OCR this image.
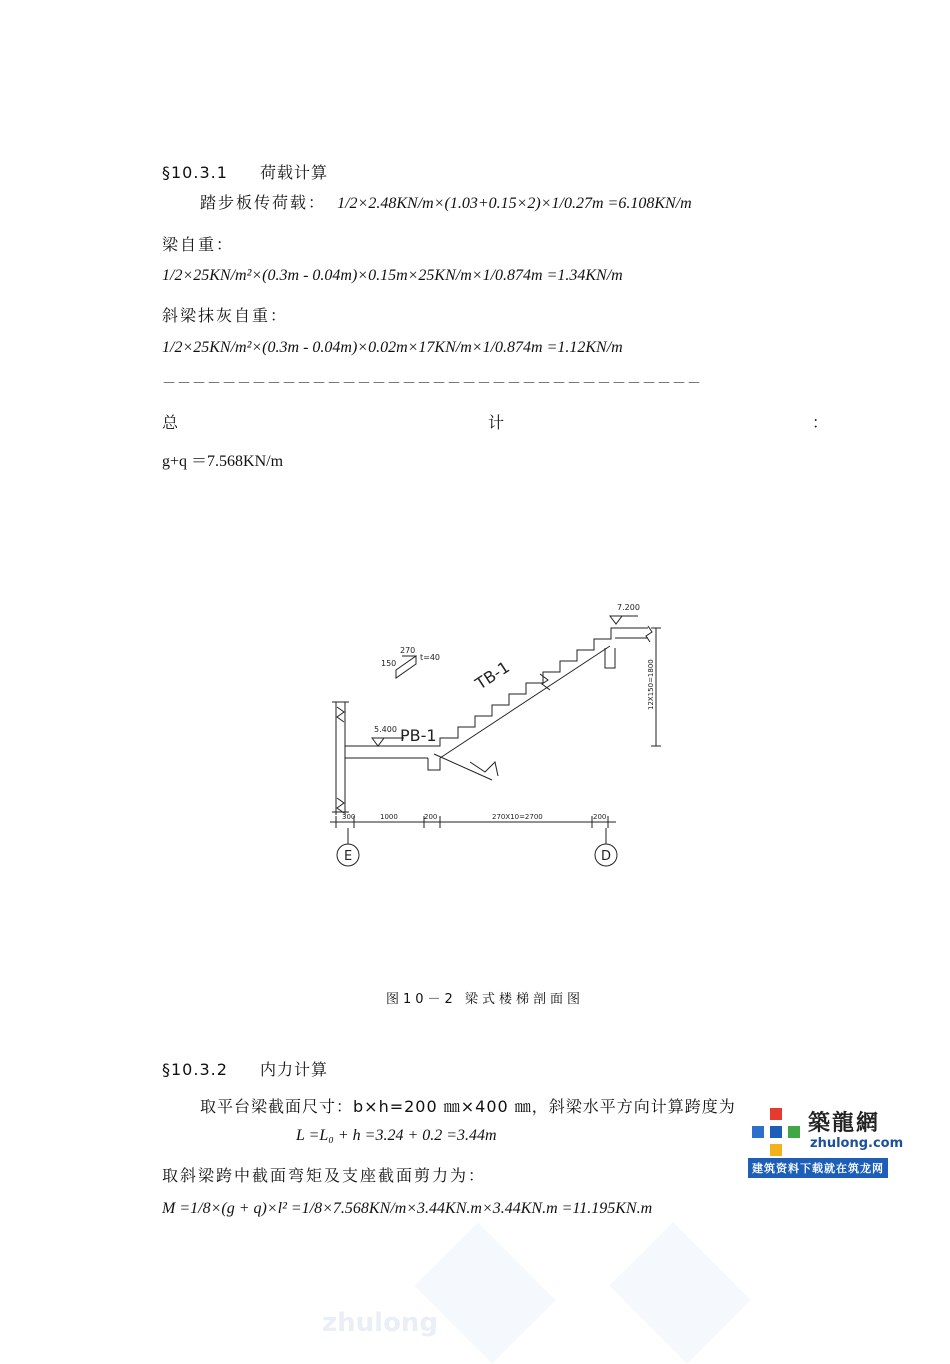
§10.3.1 荷载计算
踏步板传荷载： 1/2×2.48KN/m×(1.03+0.15×2)×1/0.27m =6.108KN/m
梁自重：
1/2×25KN/m²×(0.3m - 0.04m)×0.15m×25KN/m×1/0.874m =1.34KN/m
斜梁抹灰自重：
1/2×25KN/m²×(0.3m - 0.04m)×0.02m×17KN/m×1/0.874m =1.12KN/m
－－－－－－－－－－－－－－－－－－－－－－－－－－－－－－－－－－－－
总	计	：
g+q ＝7.568KN/m
7.200
5.400
270
150
t=40 TB-1
PB-1
12X150=1800
300	1000	200	270X10=2700	200
E	D
图10－2 梁式楼梯剖面图
§10.3.2 内力计算
取平台梁截面尺寸：b×h=200 ㎜×400 ㎜，斜梁水平方向计算跨度为
L =L₀ + h =3.24 + 0.2 =3.44m
取斜梁跨中截面弯矩及支座截面剪力为：
M =1/8×(g + q)×l² =1/8×7.568KN/m×3.44KN.m×3.44KN.m =11.195KN.m
築龍網
zhulong.com
建筑资料下载就在筑龙网
zhulong
